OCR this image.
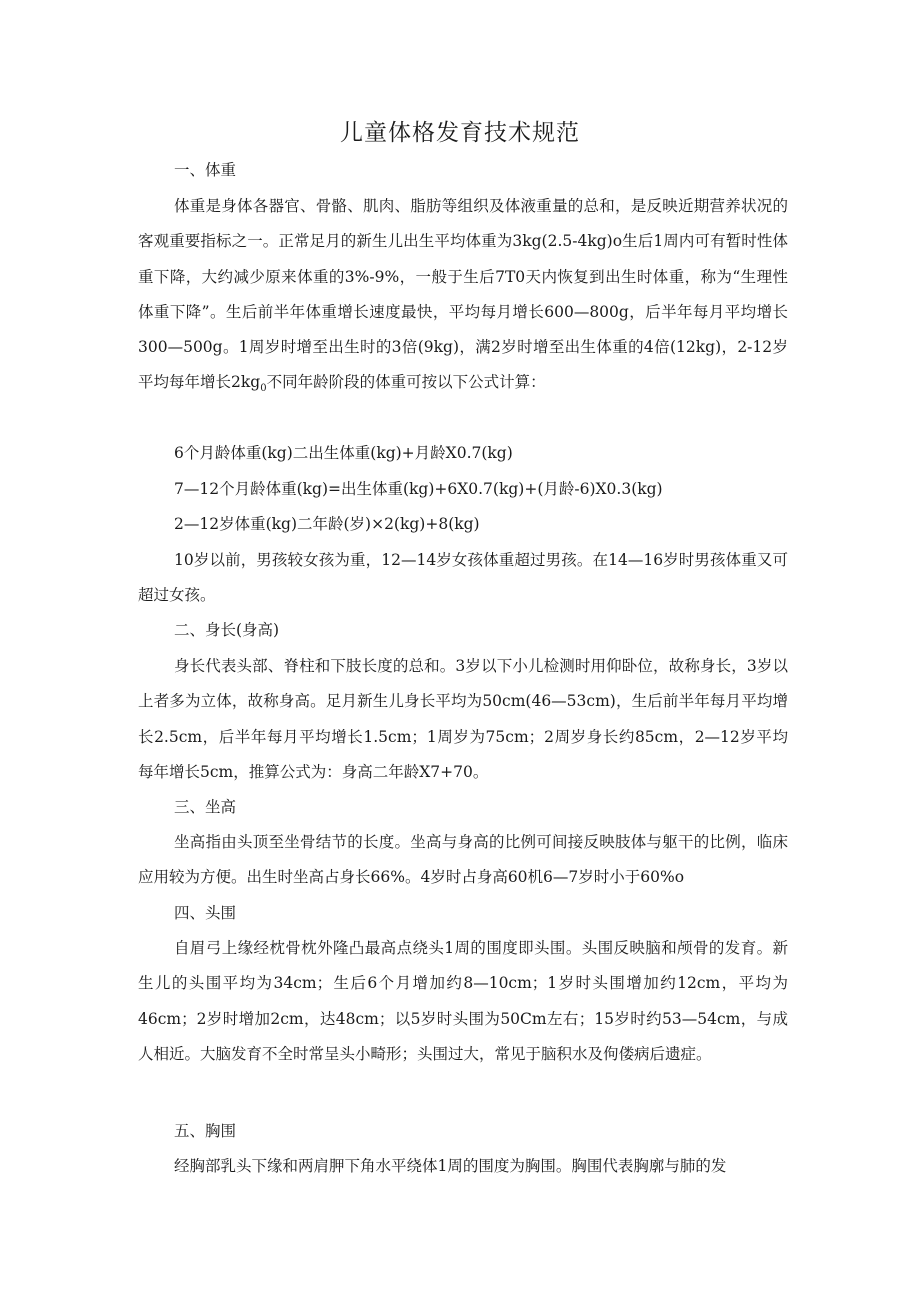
儿童体格发育技术规范

一、体重

体重是身体各器官、骨骼、肌肉、脂肪等组织及体液重量的总和，是反映近期营养状况的客观重要指标之一。正常足月的新生儿出生平均体重为3kg(2.5-4kg)o生后1周内可有暂时性体重下降，大约减少原来体重的3%-9%，一般于生后7T0天内恢复到出生时体重，称为“生理性体重下降”。生后前半年体重增长速度最快，平均每月增长600—800g，后半年每月平均增长300—500g。1周岁时增至出生时的3倍(9kg)，满2岁时增至出生体重的4倍(12kg)，2-12岁平均每年增长$2kg_0$不同年龄阶段的体重可按以下公式计算：

6个月龄体重(kg)二出生体重(kg)+月龄X0.7(kg)

7—12个月龄体重(kg)=出生体重(kg)+6X0.7(kg)+(月龄-6)X0.3(kg)

2—12岁体重(kg)二年龄(岁)×2(kg)+8(kg)

10岁以前，男孩较女孩为重，12—14岁女孩体重超过男孩。在14—16岁时男孩体重又可超过女孩。

二、身长(身高)

身长代表头部、脊柱和下肢长度的总和。3岁以下小儿检测时用仰卧位，故称身长，3岁以上者多为立体，故称身高。足月新生儿身长平均为50cm(46—53cm)，生后前半年每月平均增长2.5cm，后半年每月平均增长1.5cm；1周岁为75cm；2周岁身长约85cm，2—12岁平均每年增长5cm，推算公式为：身高二年龄X7+70。

三、坐高

坐高指由头顶至坐骨结节的长度。坐高与身高的比例可间接反映肢体与躯干的比例，临床应用较为方便。出生时坐高占身长66%。4岁时占身高60机6—7岁时小于60%o

四、头围

自眉弓上缘经枕骨枕外隆凸最高点绕头1周的围度即头围。头围反映脑和颅骨的发育。新生儿的头围平均为34cm；生后6个月增加约8—10cm；1岁时头围增加约12cm，平均为46cm；2岁时增加2cm，达48cm；以5岁时头围为50Cm左右；15岁时约53—54cm，与成人相近。大脑发育不全时常呈头小畸形；头围过大，常见于脑积水及佝偻病后遗症。

五、胸围

经胸部乳头下缘和两肩胛下角水平绕体1周的围度为胸围。胸围代表胸廓与肺的发
